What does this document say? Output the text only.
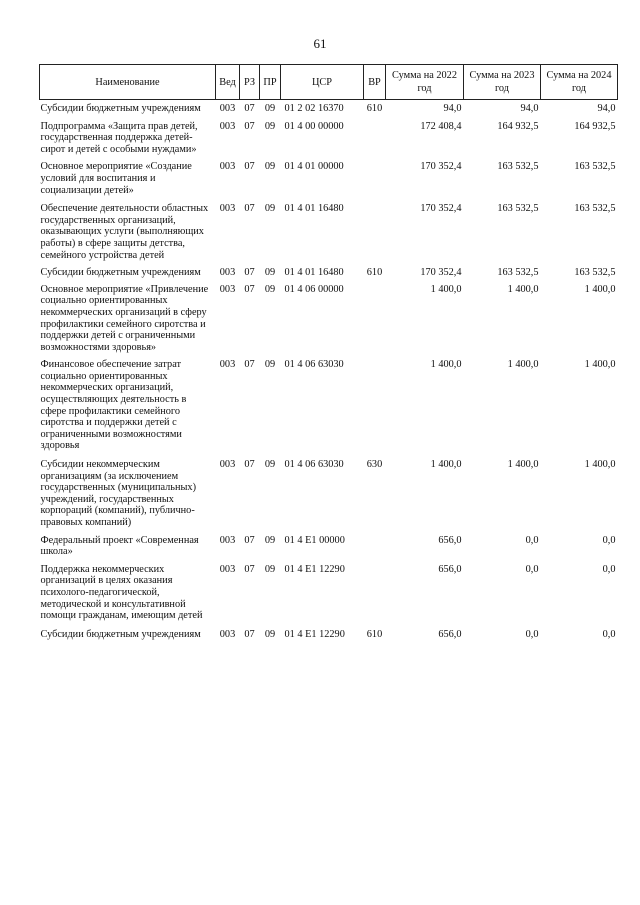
61
Наименование	Вед	РЗ	ПР	ЦСР	ВР	Сумма на 2022 год	Сумма на 2023 год	Сумма на 2024 год
Субсидии бюджетным учреждениям	003	07	09	01 2 02 16370	610	94,0	94,0	94,0
Подпрограмма «Защита прав детей, государственная поддержка детей-сирот и детей с особыми нуждами»	003	07	09	01 4 00 00000		172 408,4	164 932,5	164 932,5
Основное мероприятие «Создание условий для воспитания и социализации детей»	003	07	09	01 4 01 00000		170 352,4	163 532,5	163 532,5
Обеспечение деятельности областных государственных организаций, оказывающих услуги (выполняющих работы) в сфере защиты детства, семейного устройства детей	003	07	09	01 4 01 16480		170 352,4	163 532,5	163 532,5
Субсидии бюджетным учреждениям	003	07	09	01 4 01 16480	610	170 352,4	163 532,5	163 532,5
Основное мероприятие «Привлечение социально ориентированных некоммерческих организаций в сферу профилактики семейного сиротства и поддержки детей с ограниченными возможностями здоровья»	003	07	09	01 4 06 00000		1 400,0	1 400,0	1 400,0
Финансовое обеспечение затрат социально ориентированных некоммерческих организаций, осуществляющих деятельность в сфере профилактики семейного сиротства и поддержки детей с ограниченными возможностями здоровья	003	07	09	01 4 06 63030		1 400,0	1 400,0	1 400,0
Субсидии некоммерческим организациям (за исключением государственных (муниципальных) учреждений, государственных корпораций (компаний), публично-правовых компаний)	003	07	09	01 4 06 63030	630	1 400,0	1 400,0	1 400,0
Федеральный проект «Современная школа»	003	07	09	01 4 E1 00000		656,0	0,0	0,0
Поддержка некоммерческих организаций в целях оказания психолого-педагогической, методической и консультативной помощи гражданам, имеющим детей	003	07	09	01 4 E1 12290		656,0	0,0	0,0
Субсидии бюджетным учреждениям	003	07	09	01 4 E1 12290	610	656,0	0,0	0,0
